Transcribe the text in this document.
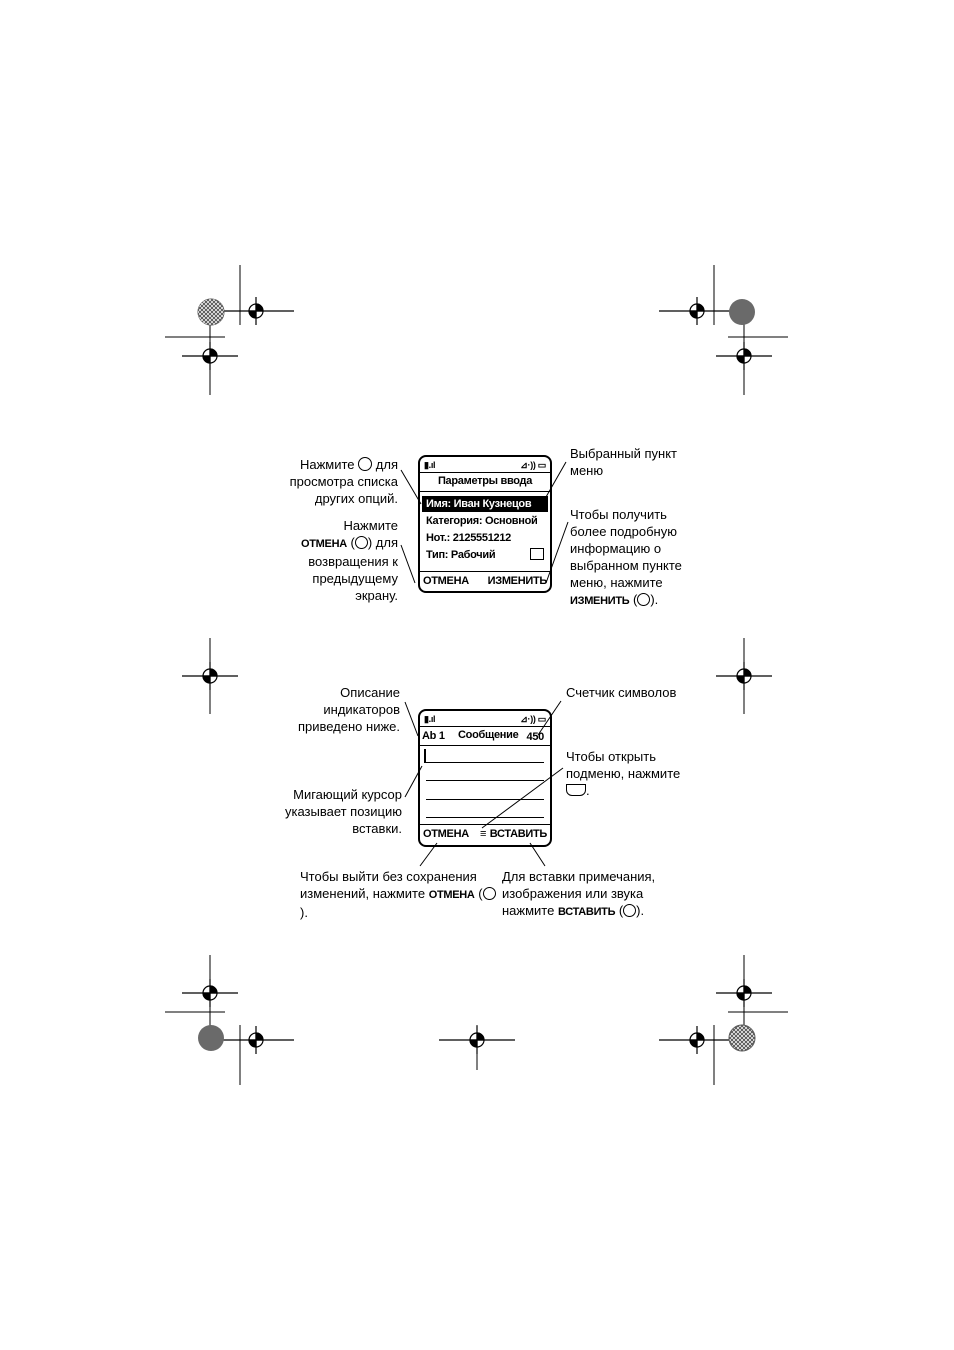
▮.ıl	⊿·)) ▭
Параметры ввода
Имя: Иван Кузнецов
Категория: Основной
Нот.: 2125551212
Тип: Рабочий
ОТМЕНА ИЗМЕНИТЬ
▮.ıl	⊿·)) ▭
Ab 1 Сообщение 450
ОТМЕНА ≡ ВСТАВИТЬ
Нажмите для
просмотра списка
других опций.
Нажмите
ОТМЕНА ( ) для
возвращения к
предыдущему
экрану.
Выбранный пункт
меню
Чтобы получить
более подробную
информацию о
выбранном пункте
меню, нажмите
ИЗМЕНИТЬ ( ).
Описание
индикаторов
приведено ниже.
Счетчик символов
Чтобы открыть
подменю, нажмите
.
Мигающий курсор
указывает позицию
вставки.
Чтобы выйти без сохранения
изменений, нажмите ОТМЕНА ().
Для вставки примечания,
изображения или звука
нажмите ВСТАВИТЬ ( ).
